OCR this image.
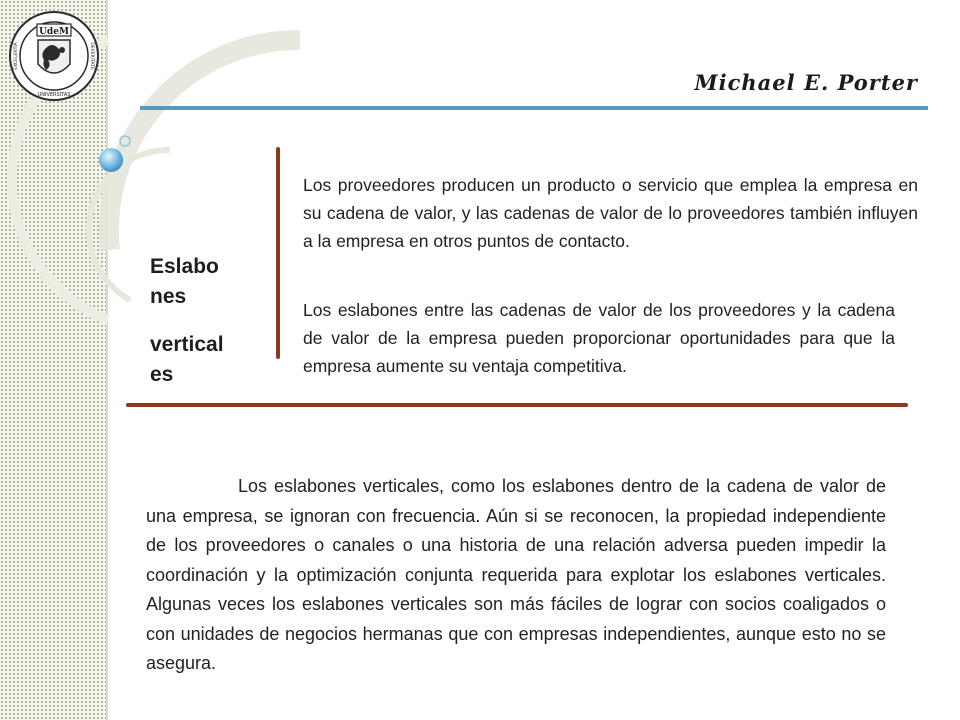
UdeM
EXCELENTIA	DEVERITATE
UNIVERSITAS	Michael E. Porter
Eslabo
nes
vertical
es

Los proveedores producen un producto o servicio que emplea la empresa en su cadena de valor, y las cadenas de valor de lo proveedores también influyen a la empresa en otros puntos de contacto.

Los eslabones entre las cadenas de valor de los proveedores y la cadena de valor de la empresa pueden proporcionar oportunidades para que la empresa aumente su ventaja competitiva.

Los eslabones verticales, como los eslabones dentro de la cadena de valor de una empresa, se ignoran con frecuencia. Aún si se reconocen, la propiedad independiente de los proveedores o canales o una historia de una relación adversa pueden impedir la coordinación y la optimización conjunta requerida para explotar los eslabones verticales. Algunas veces los eslabones verticales son más fáciles de lograr con socios coaligados o con unidades de negocios hermanas que con empresas independientes, aunque esto no se asegura.
